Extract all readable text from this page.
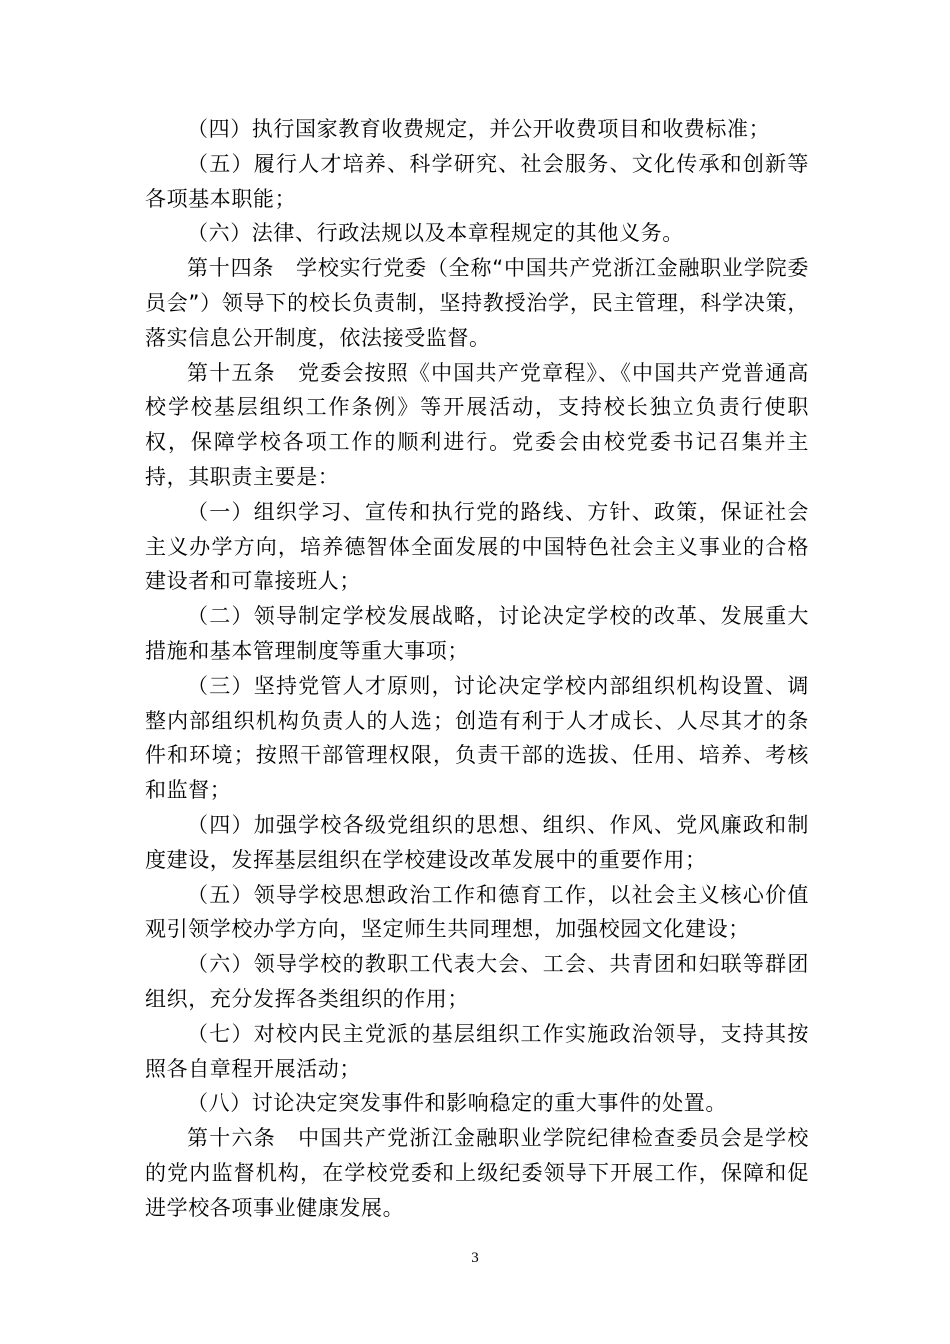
（四）执行国家教育收费规定，并公开收费项目和收费标准；

（五）履行人才培养、科学研究、社会服务、文化传承和创新等各项基本职能；

（六）法律、行政法规以及本章程规定的其他义务。

第十四条　学校实行党委（全称“中国共产党浙江金融职业学院委员会”）领导下的校长负责制，坚持教授治学，民主管理，科学决策，落实信息公开制度，依法接受监督。

第十五条　党委会按照《中国共产党章程》、《中国共产党普通高校学校基层组织工作条例》等开展活动，支持校长独立负责行使职权，保障学校各项工作的顺利进行。党委会由校党委书记召集并主持，其职责主要是：

（一）组织学习、宣传和执行党的路线、方针、政策，保证社会主义办学方向，培养德智体全面发展的中国特色社会主义事业的合格建设者和可靠接班人；

（二）领导制定学校发展战略，讨论决定学校的改革、发展重大措施和基本管理制度等重大事项；

（三）坚持党管人才原则，讨论决定学校内部组织机构设置、调整内部组织机构负责人的人选；创造有利于人才成长、人尽其才的条件和环境；按照干部管理权限，负责干部的选拔、任用、培养、考核和监督；

（四）加强学校各级党组织的思想、组织、作风、党风廉政和制度建设，发挥基层组织在学校建设改革发展中的重要作用；

（五）领导学校思想政治工作和德育工作，以社会主义核心价值观引领学校办学方向，坚定师生共同理想，加强校园文化建设；

（六）领导学校的教职工代表大会、工会、共青团和妇联等群团组织，充分发挥各类组织的作用；

（七）对校内民主党派的基层组织工作实施政治领导，支持其按照各自章程开展活动；

（八）讨论决定突发事件和影响稳定的重大事件的处置。

第十六条　中国共产党浙江金融职业学院纪律检查委员会是学校的党内监督机构，在学校党委和上级纪委领导下开展工作，保障和促进学校各项事业健康发展。

3
